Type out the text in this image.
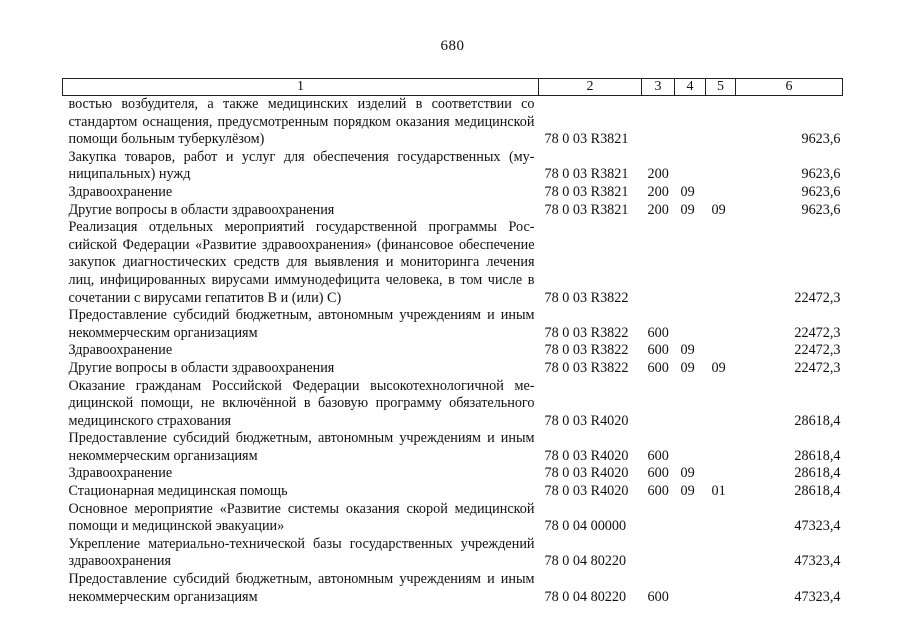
680
1	2	3	4	5	6
востью возбудителя, а также медицинских изделий в соответствии со стандартом оснащения, предусмотренным порядком оказания медицинской помощи больным туберкулёзом)	78 0 03 R3821				9623,6
Закупка товаров, работ и услуг для обеспечения государственных (муниципальных) нужд	78 0 03 R3821	200			9623,6
Здравоохранение	78 0 03 R3821	200	09		9623,6
Другие вопросы в области здравоохранения	78 0 03 R3821	200	09	09	9623,6
Реализация отдельных мероприятий государственной программы Российской Федерации «Развитие здравоохранения» (финансовое обеспечение закупок диагностических средств для выявления и мониторинга лечения лиц, инфицированных вирусами иммунодефицита человека, в том числе в сочетании с вирусами гепатитов В и (или) С)	78 0 03 R3822				22472,3
Предоставление субсидий бюджетным, автономным учреждениям и иным некоммерческим организациям	78 0 03 R3822	600			22472,3
Здравоохранение	78 0 03 R3822	600	09		22472,3
Другие вопросы в области здравоохранения	78 0 03 R3822	600	09	09	22472,3
Оказание гражданам Российской Федерации высокотехнологичной медицинской помощи, не включённой в базовую программу обязательного медицинского страхования	78 0 03 R4020				28618,4
Предоставление субсидий бюджетным, автономным учреждениям и иным некоммерческим организациям	78 0 03 R4020	600			28618,4
Здравоохранение	78 0 03 R4020	600	09		28618,4
Стационарная медицинская помощь	78 0 03 R4020	600	09	01	28618,4
Основное мероприятие «Развитие системы оказания скорой медицинской помощи и медицинской эвакуации»	78 0 04 00000				47323,4
Укрепление материально-технической базы государственных учреждений здравоохранения	78 0 04 80220				47323,4
Предоставление субсидий бюджетным, автономным учреждениям и иным некоммерческим организациям	78 0 04 80220	600			47323,4
